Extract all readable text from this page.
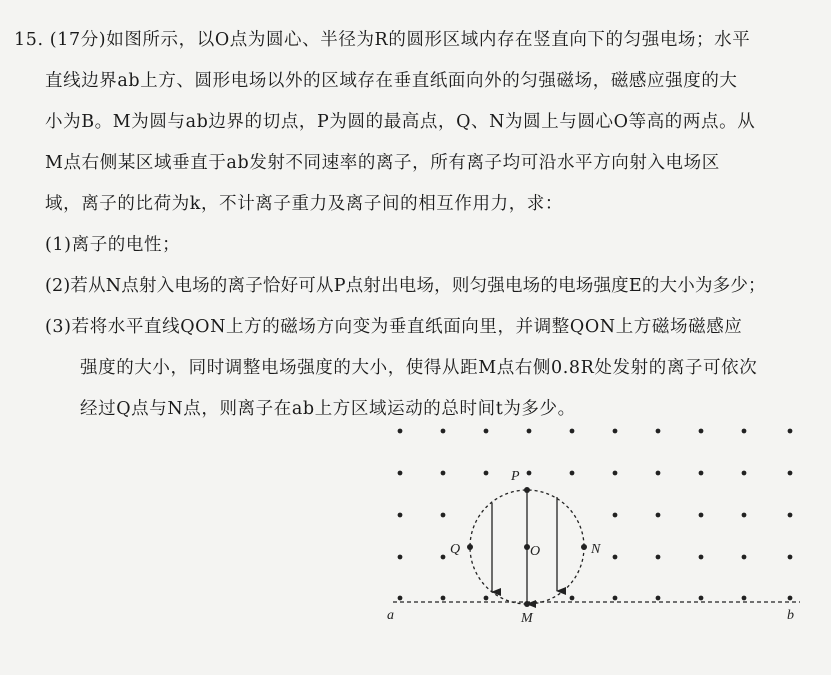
15. (17分)如图所示，以O点为圆心、半径为R的圆形区域内存在竖直向下的匀强电场；水平
直线边界ab上方、圆形电场以外的区域存在垂直纸面向外的匀强磁场，磁感应强度的大
小为B。M为圆与ab边界的切点，P为圆的最高点，Q、N为圆上与圆心O等高的两点。从
M点右侧某区域垂直于ab发射不同速率的离子，所有离子均可沿水平方向射入电场区
域，离子的比荷为k，不计离子重力及离子间的相互作用力，求：
(1)离子的电性；
(2)若从N点射入电场的离子恰好可从P点射出电场，则匀强电场的电场强度E的大小为多少；
(3)若将水平直线QON上方的磁场方向变为垂直纸面向里，并调整QON上方磁场磁感应
强度的大小，同时调整电场强度的大小，使得从距M点右侧0.8R处发射的离子可依次
经过Q点与N点，则离子在ab上方区域运动的总时间t为多少。
P
O
Q	N
M
a	b
